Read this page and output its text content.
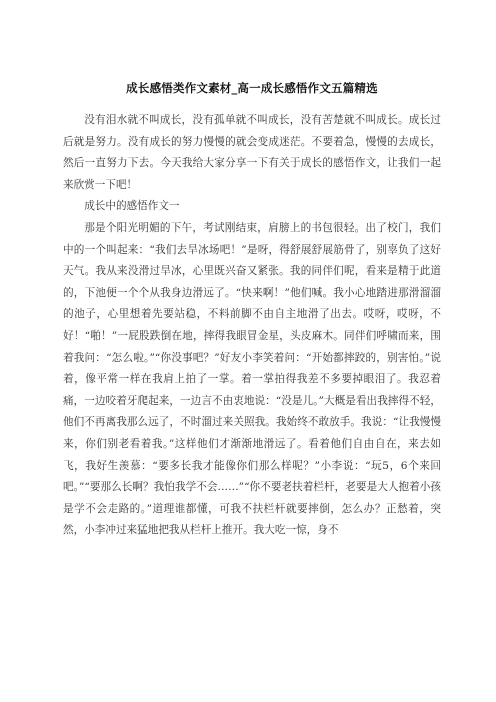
成长感悟类作文素材_高一成长感悟作文五篇精选

没有泪水就不叫成长，没有孤单就不叫成长，没有苦楚就不叫成长。成长过后就是努力。没有成长的努力慢慢的就会变成迷茫。不要着急，慢慢的去成长，然后一直努力下去。今天我给大家分享一下有关于成长的感悟作文，让我们一起来欣赏一下吧！

成长中的感悟作文一

那是个阳光明媚的下午，考试刚结束，肩膀上的书包很轻。出了校门，我们中的一个叫起来：“我们去旱冰场吧！”是呀，得舒展舒展筋骨了，别辜负了这好天气。我从来没滑过旱冰，心里既兴奋又紧张。我的同伴们呢，看来是精于此道的，下池便一个个从我身边滑远了。“快来啊！”他们喊。我小心地踏进那滑溜溜的池子，心里想着先要站稳，不料前脚不由自主地滑了出去。哎呀，哎呀，不好！“啪！”一屁股跌倒在地，摔得我眼冒金星，头皮麻木。同伴们呼啸而来，围着我问：“怎么啦。”“你没事吧？”好友小李笑着问：“开始都摔跤的，别害怕。”说着，像平常一样在我肩上拍了一掌。着一掌拍得我差不多要掉眼泪了。我忍着痛，一边咬着牙爬起来，一边言不由衷地说：“没是儿。”大概是看出我摔得不轻，他们不再离我那么远了，不时溜过来关照我。我始终不敢放手。我说：“让我慢慢来，你们别老看着我。”这样他们才渐渐地滑远了。看着他们自由自在，来去如飞，我好生羡慕：“要多长我才能像你们那么样呢？”小李说：“玩5，6个来回吧。”“要那么长啊？我怕我学不会……”“你不要老扶着栏杆，老要是大人抱着小孩是学不会走路的。”道理谁都懂，可我不扶栏杆就要摔倒，怎么办？正愁着，突然，小李冲过来猛地把我从栏杆上推开。我大吃一惊，身不
